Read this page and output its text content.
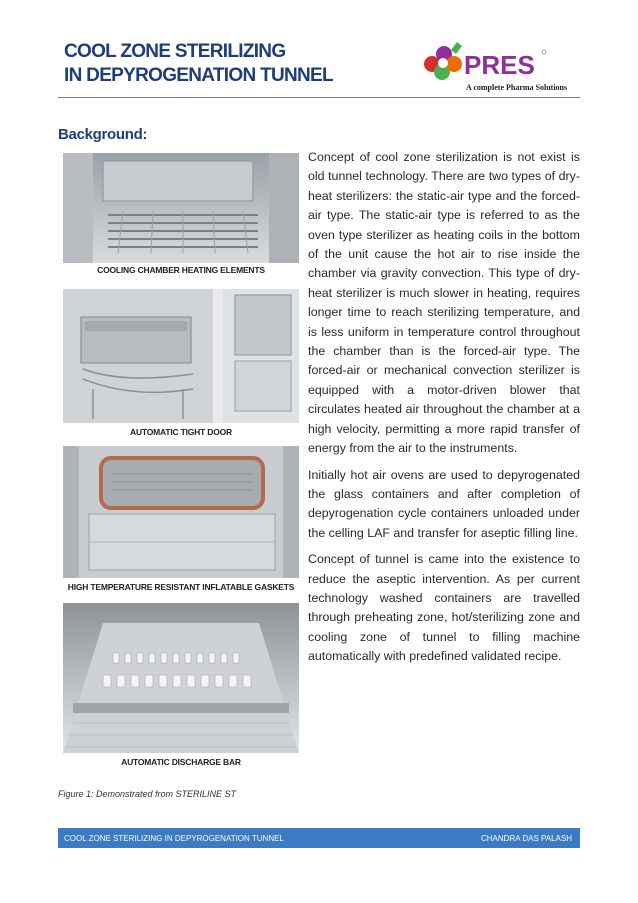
COOL ZONE STERILIZING
IN DEPYROGENATION TUNNEL	PRES
A complete Pharma Solutions
Background:
COOLING CHAMBER HEATING ELEMENTS
AUTOMATIC TIGHT DOOR
HIGH TEMPERATURE RESISTANT INFLATABLE GASKETS
AUTOMATIC DISCHARGE BAR

Concept of cool zone sterilization is not exist is old tunnel technology. There are two types of dry-heat sterilizers: the static-air type and the forced-air type. The static-air type is referred to as the oven type sterilizer as heating coils in the bottom of the unit cause the hot air to rise inside the chamber via gravity convection. This type of dry-heat sterilizer is much slower in heating, requires longer time to reach sterilizing temperature, and is less uniform in temperature control throughout the chamber than is the forced-air type. The forced-air or mechanical convection sterilizer is equipped with a motor-driven blower that circulates heated air throughout the chamber at a high velocity, permitting a more rapid transfer of energy from the air to the instruments.

Initially hot air ovens are used to depyrogenated the glass containers and after completion of depyrogenation cycle containers unloaded under the celling LAF and transfer for aseptic filling line.

Concept of tunnel is came into the existence to reduce the aseptic intervention. As per current technology washed containers are travelled through preheating zone, hot/sterilizing zone and cooling zone of tunnel to filling machine automatically with predefined validated recipe.

Figure 1: Demonstrated from STERILINE ST
COOL ZONE STERILIZING IN DEPYROGENATION TUNNEL	CHANDRA DAS PALASH
